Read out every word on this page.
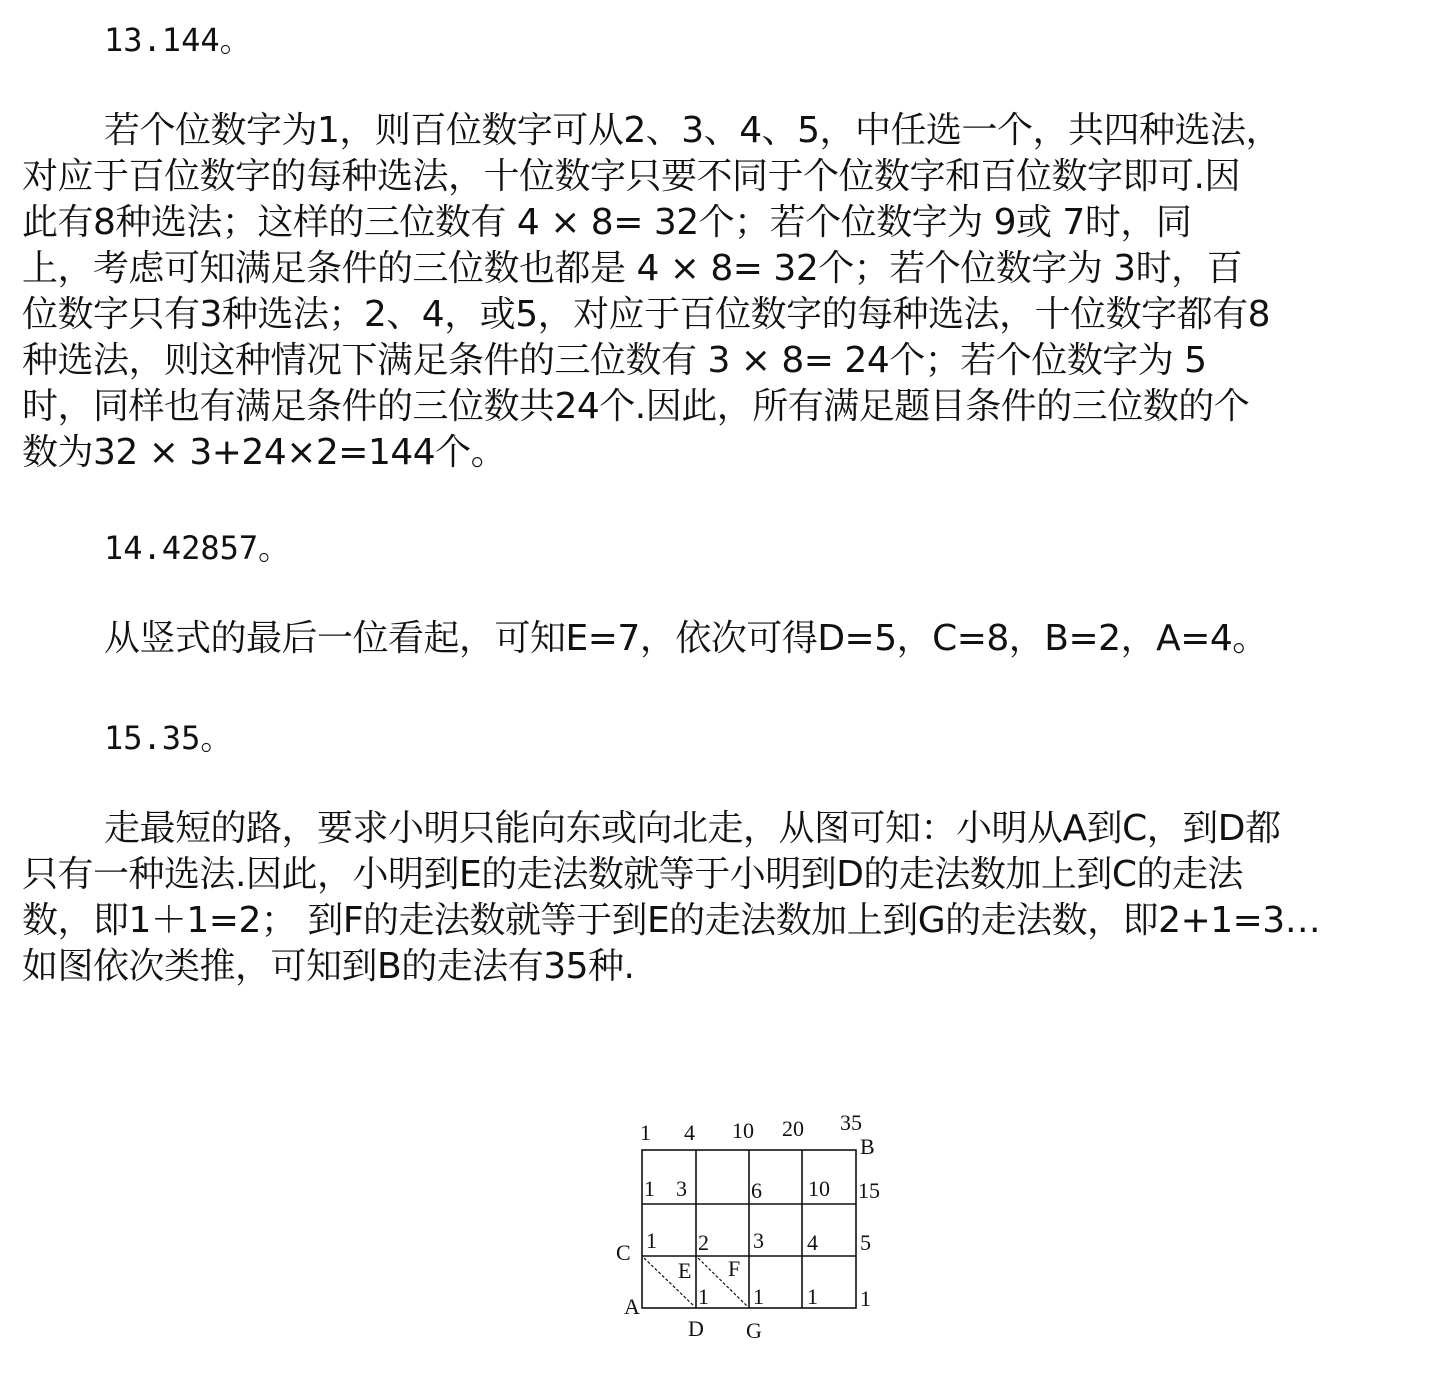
13.144。
若个位数字为1，则百位数字可从2、3、4、5，中任选一个，共四种选法，
对应于百位数字的每种选法，十位数字只要不同于个位数字和百位数字即可.因
此有8种选法；这样的三位数有 4 × 8= 32个；若个位数字为 9或 7时，同
上，考虑可知满足条件的三位数也都是 4 × 8= 32个；若个位数字为 3时，百
位数字只有3种选法；2、4，或5，对应于百位数字的每种选法，十位数字都有8
种选法，则这种情况下满足条件的三位数有 3 × 8= 24个；若个位数字为 5
时，同样也有满足条件的三位数共24个.因此，所有满足题目条件的三位数的个
数为32 × 3+24×2=144个。
14.42857。
从竖式的最后一位看起，可知E=7，依次可得D=5，C=8，B=2，A=4。
15.35。
走最短的路，要求小明只能向东或向北走，从图可知：小明从A到C，到D都
只有一种选法.因此，小明到E的走法数就等于小明到D的走法数加上到C的走法
数，即1＋1=2； 到F的走法数就等于到E的走法数加上到G的走法数，即2+1=3…
如图依次类推，可知到B的走法有35种.
1 4 10 20 35
B
1 3	6 10 15
1 2 3 4 5
C
E F
1 1 1 1
A
D G
